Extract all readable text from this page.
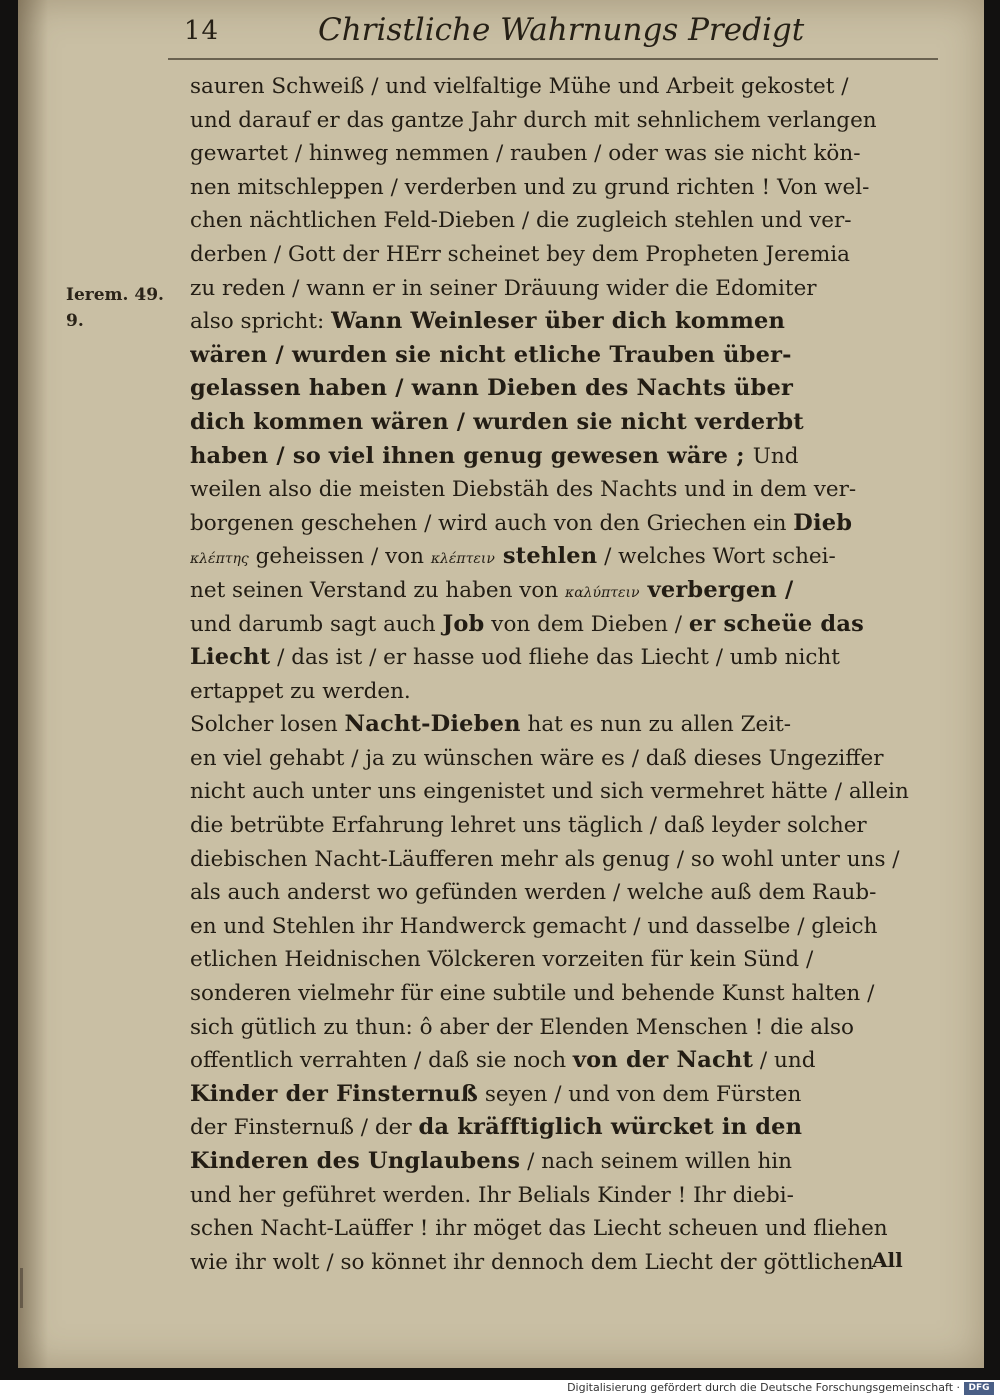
14	Christliche Wahrnungs Predigt
Ierem. 49.
9.
sauren Schweiß / und vielfaltige Mühe und Arbeit gekostet /
und darauf er das gantze Jahr durch mit sehnlichem verlangen
gewartet / hinweg nemmen / rauben / oder was sie nicht kön-
nen mitschleppen / verderben und zu grund richten ! Von wel-
chen nächtlichen Feld-Dieben / die zugleich stehlen und ver-
derben / Gott der HErr scheinet bey dem Propheten Jeremia
zu reden / wann er in seiner Dräuung wider die Edomiter
also spricht: Wann Weinleser über dich kommen
wären / wurden sie nicht etliche Trauben über-
gelassen haben / wann Dieben des Nachts über
dich kommen wären / wurden sie nicht verderbt
haben / so viel ihnen genug gewesen wäre ; Und
weilen also die meisten Diebstäh des Nachts und in dem ver-
borgenen geschehen / wird auch von den Griechen ein Dieb
κλέπτης geheissen / von κλέπτειν stehlen / welches Wort schei-
net seinen Verstand zu haben von καλύπτειν verbergen /
und darumb sagt auch Job von dem Dieben / er scheüe das
Liecht / das ist / er hasse uod fliehe das Liecht / umb nicht
ertappet zu werden.
Solcher losen Nacht-Dieben hat es nun zu allen Zeit-
en viel gehabt / ja zu wünschen wäre es / daß dieses Ungeziffer
nicht auch unter uns eingenistet und sich vermehret hätte / allein
die betrübte Erfahrung lehret uns täglich / daß leyder solcher
diebischen Nacht-Läufferen mehr als genug / so wohl unter uns /
als auch anderst wo gefünden werden / welche auß dem Raub-
en und Stehlen ihr Handwerck gemacht / und dasselbe / gleich
etlichen Heidnischen Völckeren vorzeiten für kein Sünd /
sonderen vielmehr für eine subtile und behende Kunst halten /
sich gütlich zu thun: ô aber der Elenden Menschen ! die also
offentlich verrahten / daß sie noch von der Nacht / und
Kinder der Finsternuß seyen / und von dem Fürsten
der Finsternuß / der da kräfftiglich würcket in den
Kinderen des Unglaubens / nach seinem willen hin
und her geführet werden. Ihr Belials Kinder ! Ihr diebi-
schen Nacht-Laüffer ! ihr möget das Liecht scheuen und fliehen
wie ihr wolt / so könnet ihr dennoch dem Liecht der göttlichen
All
Digitalisierung gefördert durch die Deutsche Forschungsgemeinschaft · DFG
